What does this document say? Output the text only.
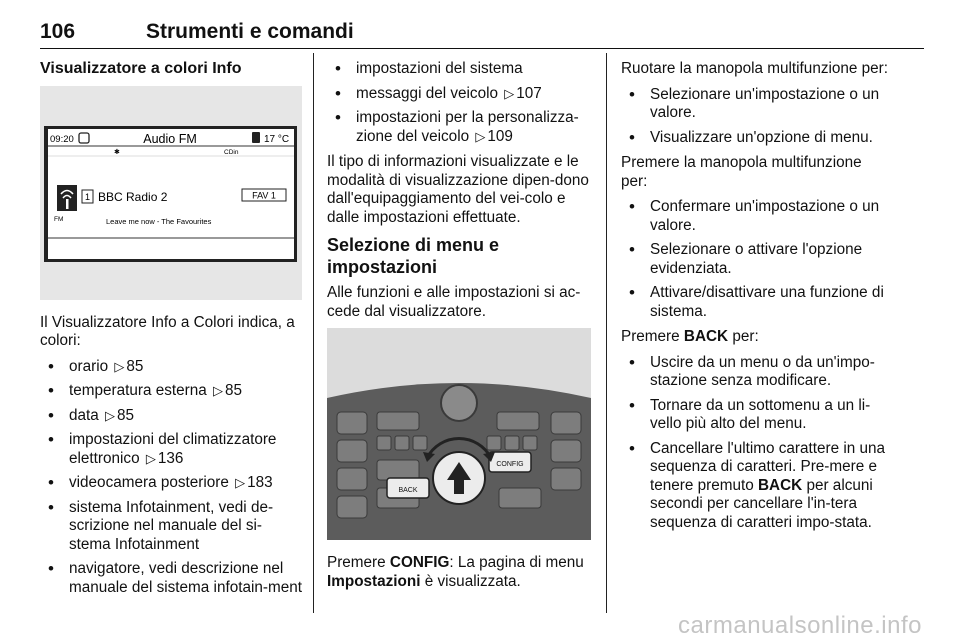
106	Strumenti e comandi
Visualizzatore a colori Info
09:20	Audio FM	17 °C
✱	CDin
1 BBC Radio 2	FAV 1
FM	Leave me now - The Favourites

Il Visualizzatore Info a Colori indica, a colori:

• orario ▷ 85
• temperatura esterna ▷ 85
• data ▷ 85
• impostazioni del climatizzatore elettronico ▷ 136
• videocamera posteriore ▷ 183
• sistema Infotainment, vedi de-scrizione nel manuale del si-stema Infotainment
• navigatore, vedi descrizione nel manuale del sistema infotain-ment
• impostazioni del sistema
• messaggi del veicolo ▷ 107
• impostazioni per la personalizza-zione del veicolo ▷ 109

Il tipo di informazioni visualizzate e le modalità di visualizzazione dipen-dono dall'equipaggiamento del vei-colo e dalle impostazioni effettuate.

Selezione di menu e impostazioni

Alle funzioni e alle impostazioni si ac-cede dal visualizzatore.

BACK
CONFIG

Premere CONFIG: La pagina di menu Impostazioni è visualizzata.

Ruotare la manopola multifunzione per:

• Selezionare un'impostazione o un valore.
• Visualizzare un'opzione di menu.

Premere la manopola multifunzione per:

• Confermare un'impostazione o un valore.
• Selezionare o attivare l'opzione evidenziata.
• Attivare/disattivare una funzione di sistema.

Premere BACK per:

• Uscire da un menu o da un'impo-stazione senza modificare.
• Tornare da un sottomenu a un li-vello più alto del menu.
• Cancellare l'ultimo carattere in una sequenza di caratteri. Pre-mere e tenere premuto BACK per alcuni secondi per cancellare l'in-tera sequenza di caratteri impo-stata.
carmanualsonline.info
